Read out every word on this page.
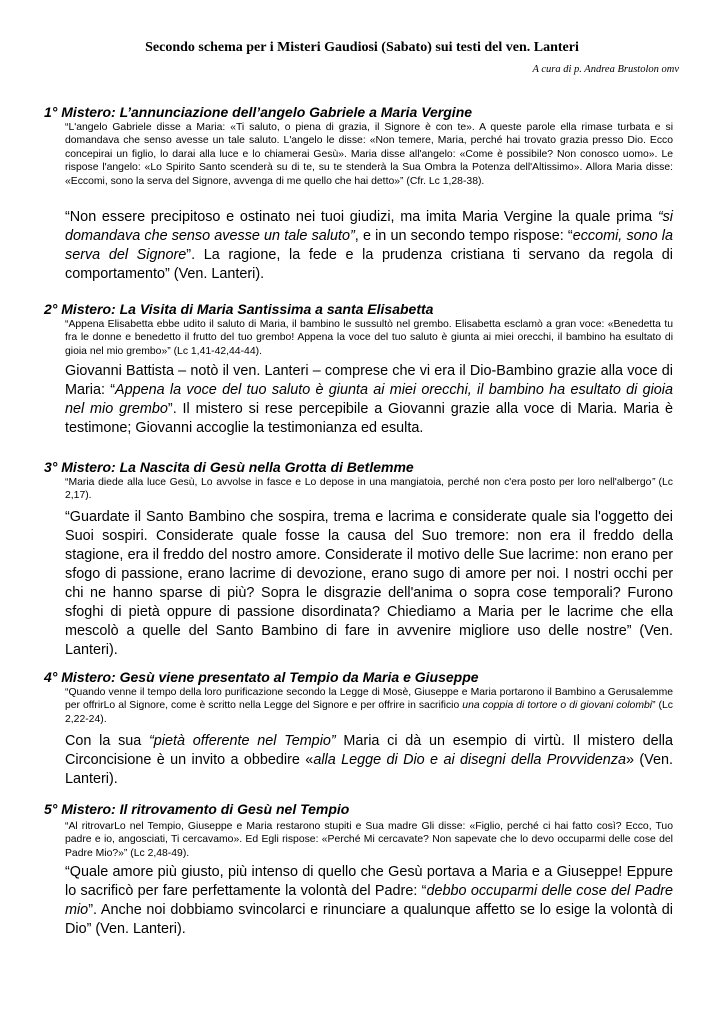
Secondo schema per i Misteri Gaudiosi (Sabato) sui testi del ven. Lanteri
A cura di p. Andrea Brustolon omv
1° Mistero: L’annunciazione dell’angelo Gabriele a Maria Vergine
“L'angelo Gabriele disse a Maria: «Ti saluto, o piena di grazia, il Signore è con te». A queste parole ella rimase turbata e si domandava che senso avesse un tale saluto. L'angelo le disse: «Non temere, Maria, perché hai trovato grazia presso Dio. Ecco concepirai un figlio, lo darai alla luce e lo chiamerai Gesù». Maria disse all'angelo: «Come è possibile? Non conosco uomo». Le rispose l'angelo: «Lo Spirito Santo scenderà su di te, su te stenderà la Sua Ombra la Potenza dell'Altissimo». Allora Maria disse: «Eccomi, sono la serva del Signore, avvenga di me quello che hai detto»” (Cfr. Lc 1,28-38).
“Non essere precipitoso e ostinato nei tuoi giudizi, ma imita Maria Vergine la quale prima “si domandava che senso avesse un tale saluto”, e in un secondo tempo rispose: “eccomi, sono la serva del Signore”. La ragione, la fede e la prudenza cristiana ti servano da regola di comportamento” (Ven. Lanteri).
2° Mistero: La Visita di Maria Santissima a santa Elisabetta
“Appena Elisabetta ebbe udito il saluto di Maria, il bambino le sussultò nel grembo. Elisabetta esclamò a gran voce: «Benedetta tu fra le donne e benedetto il frutto del tuo grembo! Appena la voce del tuo saluto è giunta ai miei orecchi, il bambino ha esultato di gioia nel mio grembo»” (Lc 1,41-42,44-44).
Giovanni Battista – notò il ven. Lanteri – comprese che vi era il Dio-Bambino grazie alla voce di Maria: “Appena la voce del tuo saluto è giunta ai miei orecchi, il bambino ha esultato di gioia nel mio grembo”. Il mistero si rese percepibile a Giovanni grazie alla voce di Maria. Maria è testimone; Giovanni accoglie la testimonianza ed esulta.
3° Mistero: La Nascita di Gesù nella Grotta di Betlemme
“Maria diede alla luce Gesù, Lo avvolse in fasce e Lo depose in una mangiatoia, perché non c'era posto per loro nell'albergo” (Lc 2,17).
“Guardate il Santo Bambino che sospira, trema e lacrima e considerate quale sia l'oggetto dei Suoi sospiri. Considerate quale fosse la causa del Suo tremore: non era il freddo della stagione, era il freddo del nostro amore. Considerate il motivo delle Sue lacrime: non erano per sfogo di passione, erano lacrime di devozione, erano sugo di amore per noi. I nostri occhi per chi ne hanno sparse di più? Sopra le disgrazie dell'anima o sopra cose temporali? Furono sfoghi di pietà oppure di passione disordinata? Chiediamo a Maria per le lacrime che ella mescolò a quelle del Santo Bambino di fare in avvenire migliore uso delle nostre” (Ven. Lanteri).
4° Mistero: Gesù viene presentato al Tempio da Maria e Giuseppe
“Quando venne il tempo della loro purificazione secondo la Legge di Mosè, Giuseppe e Maria portarono il Bambino a Gerusalemme per offrirLo al Signore, come è scritto nella Legge del Signore e per offrire in sacrificio una coppia di tortore o di giovani colombi” (Lc 2,22-24).
Con la sua “pietà offerente nel Tempio” Maria ci dà un esempio di virtù. Il mistero della Circoncisione è un invito a obbedire «alla Legge di Dio e ai disegni della Provvidenza» (Ven. Lanteri).
5° Mistero: Il ritrovamento di Gesù nel Tempio
“Al ritrovarLo nel Tempio, Giuseppe e Maria restarono stupiti e Sua madre Gli disse: «Figlio, perché ci hai fatto così? Ecco, Tuo padre e io, angosciati, Ti cercavamo». Ed Egli rispose: «Perché Mi cercavate? Non sapevate che lo devo occuparmi delle cose del Padre Mio?»” (Lc 2,48-49).
“Quale amore più giusto, più intenso di quello che Gesù portava a Maria e a Giuseppe! Eppure lo sacrificò per fare perfettamente la volontà del Padre: “debbo occuparmi delle cose del Padre mio”. Anche noi dobbiamo svincolarci e rinunciare a qualunque affetto se lo esige la volontà di Dio” (Ven. Lanteri).
